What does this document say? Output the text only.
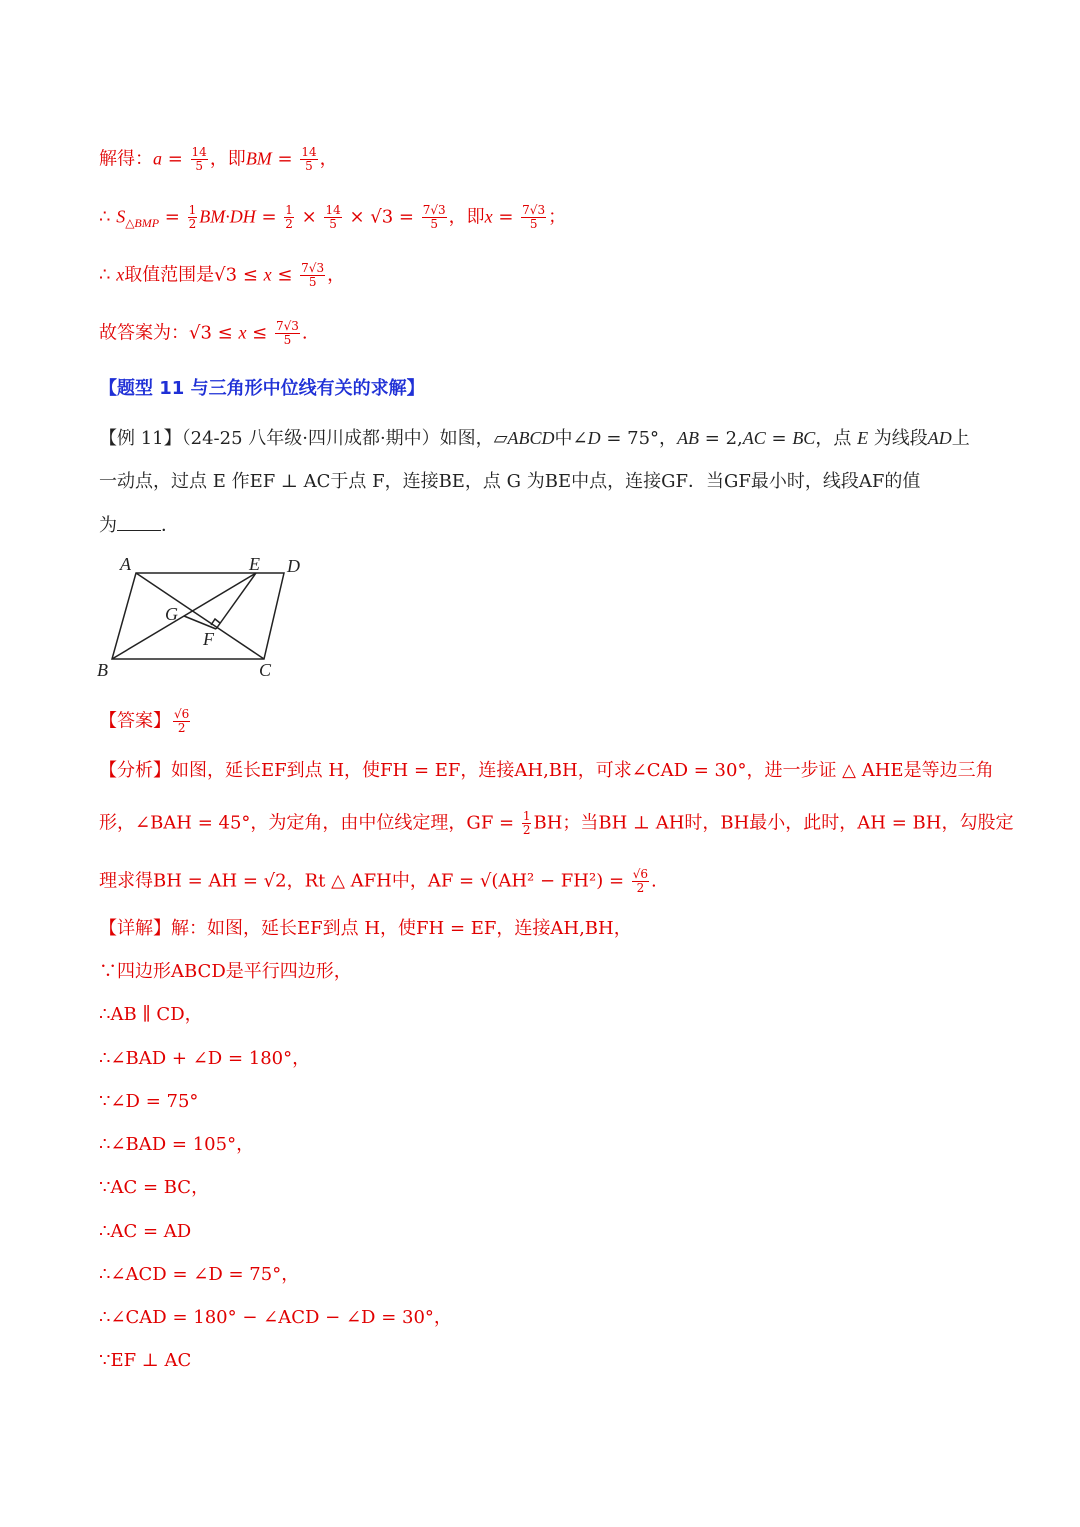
解得：$a = \frac{14}{5}$ ，即BM = $\frac{14}{5}$ ，
∴ $S_{\triangle BMP} = \frac{1}{2} BM\cdot DH = \frac{1}{2} \times \frac{14}{5} \times √3 = \frac{7√3}{5}$ ，即$x = \frac{7√3}{5}$ ；
∴ x取值范围是$√3 \le x \le \frac{7√3}{5}$ ，
故答案为：$√3 \le x \le \frac{7√3}{5}$ .
【题型 11 与三角形中位线有关的求解】
【例 11】（24-25 八年级·四川成都·期中）如图，▱ABCD中∠D = 75°，AB = 2,AC = BC，点 E 为线段AD上
一动点，过点 E 作EF ⊥ AC于点 F，连接BE，点 G 为BE中点，连接GF．当GF最小时，线段AF的值
为 ．
A	E D
G
F
B	C
【答案】 $\frac{√6}{2}$
【分析】如图，延长EF到点 H，使FH = EF，连接AH,BH，可求∠CAD = 30°，进一步证 △ AHE是等边三角
形，∠BAH = 45°，为定角，由中位线定理，GF = $\frac{1}{2}$ BH；当BH ⊥ AH时，BH最小，此时，AH = BH，勾股定
理求得BH = AH = √2，Rt △ AFH中，AF = $√(AH^2 - FH^2) = \frac{√6}{2}$ .
【详解】解：如图，延长EF到点 H，使FH = EF，连接AH,BH，
∵四边形ABCD是平行四边形，
∴AB ∥ CD，
∴∠BAD + ∠D = 180°，
∵∠D = 75°
∴∠BAD = 105°，
∵AC = BC，
∴AC = AD
∴∠ACD = ∠D = 75°，
∴∠CAD = 180° − ∠ACD − ∠D = 30°，
∵EF ⊥ AC
